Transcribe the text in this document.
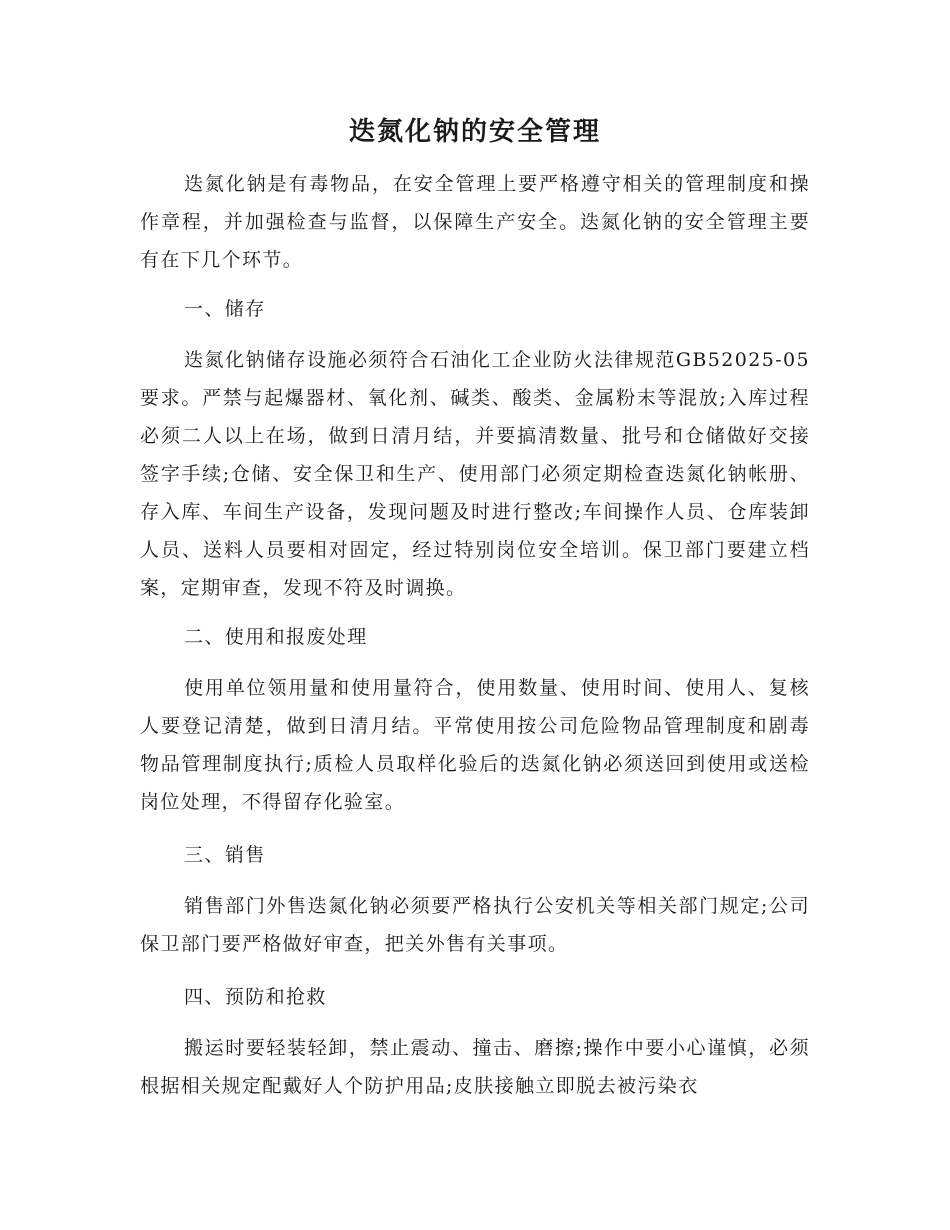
迭氮化钠的安全管理

迭氮化钠是有毒物品，在安全管理上要严格遵守相关的管理制度和操作章程，并加强检查与监督，以保障生产安全。迭氮化钠的安全管理主要有在下几个环节。

一、储存

迭氮化钠储存设施必须符合石油化工企业防火法律规范GB52025-05要求。严禁与起爆器材、氧化剂、碱类、酸类、金属粉末等混放;入库过程必须二人以上在场，做到日清月结，并要搞清数量、批号和仓储做好交接签字手续;仓储、安全保卫和生产、使用部门必须定期检查迭氮化钠帐册、存入库、车间生产设备，发现问题及时进行整改;车间操作人员、仓库装卸人员、送料人员要相对固定，经过特别岗位安全培训。保卫部门要建立档案，定期审查，发现不符及时调换。

二、使用和报废处理

使用单位领用量和使用量符合，使用数量、使用时间、使用人、复核人要登记清楚，做到日清月结。平常使用按公司危险物品管理制度和剧毒物品管理制度执行;质检人员取样化验后的迭氮化钠必须送回到使用或送检岗位处理，不得留存化验室。

三、销售

销售部门外售迭氮化钠必须要严格执行公安机关等相关部门规定;公司保卫部门要严格做好审查，把关外售有关事项。

四、预防和抢救

搬运时要轻装轻卸，禁止震动、撞击、磨擦;操作中要小心谨慎，必须根据相关规定配戴好人个防护用品;皮肤接触立即脱去被污染衣
